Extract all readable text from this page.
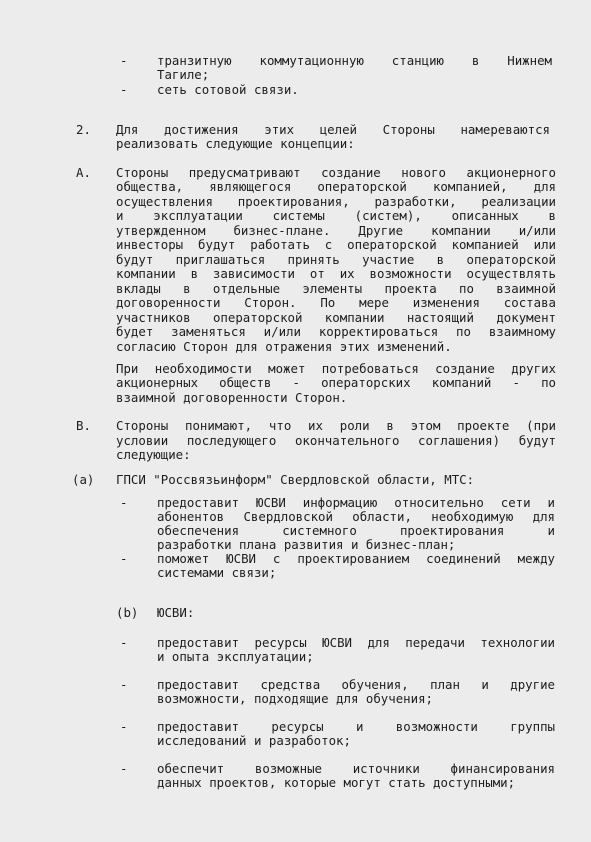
- транзитную коммутационную станцию в Нижнем
Тагиле;
- сеть сотовой связи.
2. Для достижения этих целей Стороны намереваются
реализовать следующие концепции:
А. Стороны предусматривают создание нового акционерного
общества, являющегося операторской компанией, для
осуществления проектирования, разработки, реализации
и эксплуатации системы (систем), описанных в
утвержденном бизнес-плане. Другие компании и/или
инвесторы будут работать с операторской компанией или
будут приглашаться принять участие в операторской
компании в зависимости от их возможности осуществлять
вклады в отдельные элементы проекта по взаимной
договоренности Сторон. По мере изменения состава
участников операторской компании настоящий документ
будет заменяться и/или корректироваться по взаимному
согласию Сторон для отражения этих изменений.
При необходимости может потребоваться создание других
акционерных обществ - операторских компаний - по
взаимной договоренности Сторон.
В. Стороны понимают, что их роли в этом проекте (при
условии последующего окончательного соглашения) будут
следующие:
(а) ГПСИ "Россвязьинформ" Свердловской области, МТС:
- предоставит ЮСВИ информацию относительно сети и
абонентов Свердловской области, необходимую для
обеспечения системного проектирования и
разработки плана развития и бизнес-план;
- поможет ЮСВИ с проектированием соединений между
системами связи;
(b) ЮСВИ:
- предоставит ресурсы ЮСВИ для передачи технологии
и опыта эксплуатации;
- предоставит средства обучения, план и другие
возможности, подходящие для обучения;
- предоставит ресурсы и возможности группы
исследований и разработок;
- обеспечит возможные источники финансирования
данных проектов, которые могут стать доступными;
